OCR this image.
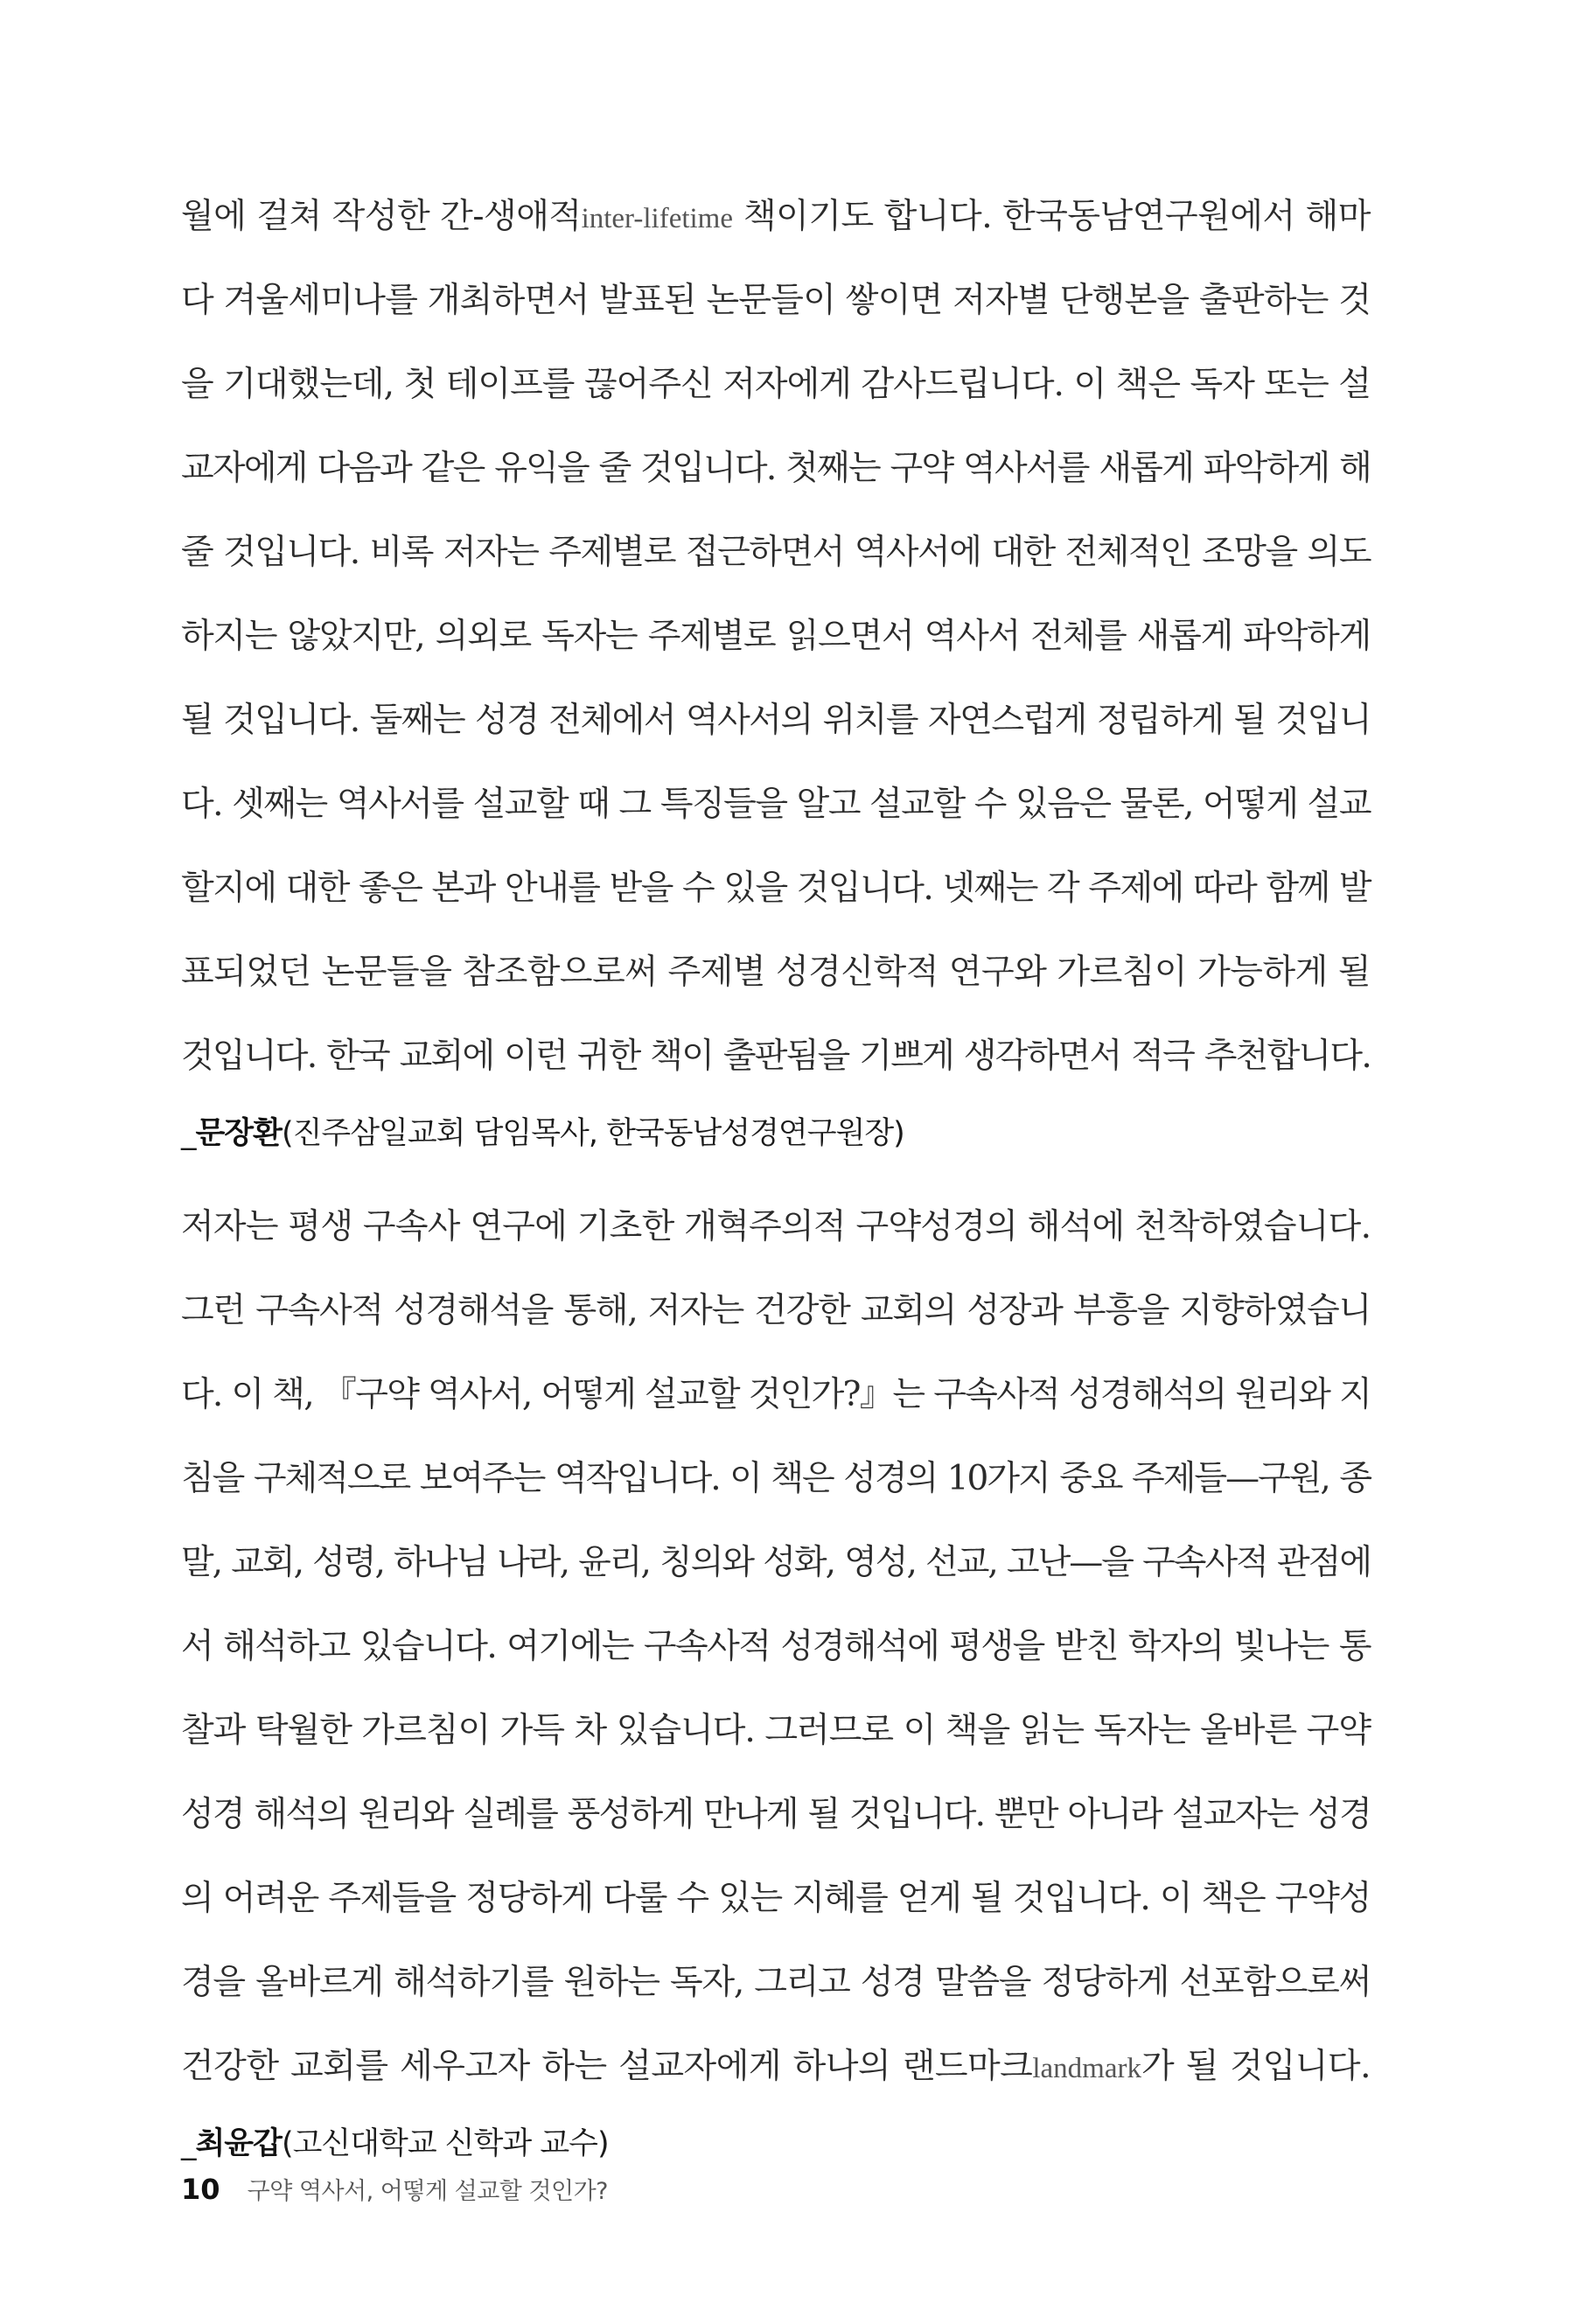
월에 걸쳐 작성한 간-생애적inter-lifetime 책이기도 합니다. 한국동남연구원에서 해마
다 겨울세미나를 개최하면서 발표된 논문들이 쌓이면 저자별 단행본을 출판하는 것
을 기대했는데, 첫 테이프를 끊어주신 저자에게 감사드립니다. 이 책은 독자 또는 설
교자에게 다음과 같은 유익을 줄 것입니다. 첫째는 구약 역사서를 새롭게 파악하게 해
줄 것입니다. 비록 저자는 주제별로 접근하면서 역사서에 대한 전체적인 조망을 의도
하지는 않았지만, 의외로 독자는 주제별로 읽으면서 역사서 전체를 새롭게 파악하게
될 것입니다. 둘째는 성경 전체에서 역사서의 위치를 자연스럽게 정립하게 될 것입니
다. 셋째는 역사서를 설교할 때 그 특징들을 알고 설교할 수 있음은 물론, 어떻게 설교
할지에 대한 좋은 본과 안내를 받을 수 있을 것입니다. 넷째는 각 주제에 따라 함께 발
표되었던 논문들을 참조함으로써 주제별 성경신학적 연구와 가르침이 가능하게 될
것입니다. 한국 교회에 이런 귀한 책이 출판됨을 기쁘게 생각하면서 적극 추천합니다.
_문장환(진주삼일교회 담임목사, 한국동남성경연구원장)
저자는 평생 구속사 연구에 기초한 개혁주의적 구약성경의 해석에 천착하였습니다.
그런 구속사적 성경해석을 통해, 저자는 건강한 교회의 성장과 부흥을 지향하였습니
다. 이 책, 『구약 역사서, 어떻게 설교할 것인가?』는 구속사적 성경해석의 원리와 지
침을 구체적으로 보여주는 역작입니다. 이 책은 성경의 10가지 중요 주제들—구원, 종
말, 교회, 성령, 하나님 나라, 윤리, 칭의와 성화, 영성, 선교, 고난—을 구속사적 관점에
서 해석하고 있습니다. 여기에는 구속사적 성경해석에 평생을 받친 학자의 빛나는 통
찰과 탁월한 가르침이 가득 차 있습니다. 그러므로 이 책을 읽는 독자는 올바른 구약
성경 해석의 원리와 실례를 풍성하게 만나게 될 것입니다. 뿐만 아니라 설교자는 성경
의 어려운 주제들을 정당하게 다룰 수 있는 지혜를 얻게 될 것입니다. 이 책은 구약성
경을 올바르게 해석하기를 원하는 독자, 그리고 성경 말씀을 정당하게 선포함으로써
건강한 교회를 세우고자 하는 설교자에게 하나의 랜드마크landmark가 될 것입니다.
_최윤갑(고신대학교 신학과 교수)
10 구약 역사서, 어떻게 설교할 것인가?
